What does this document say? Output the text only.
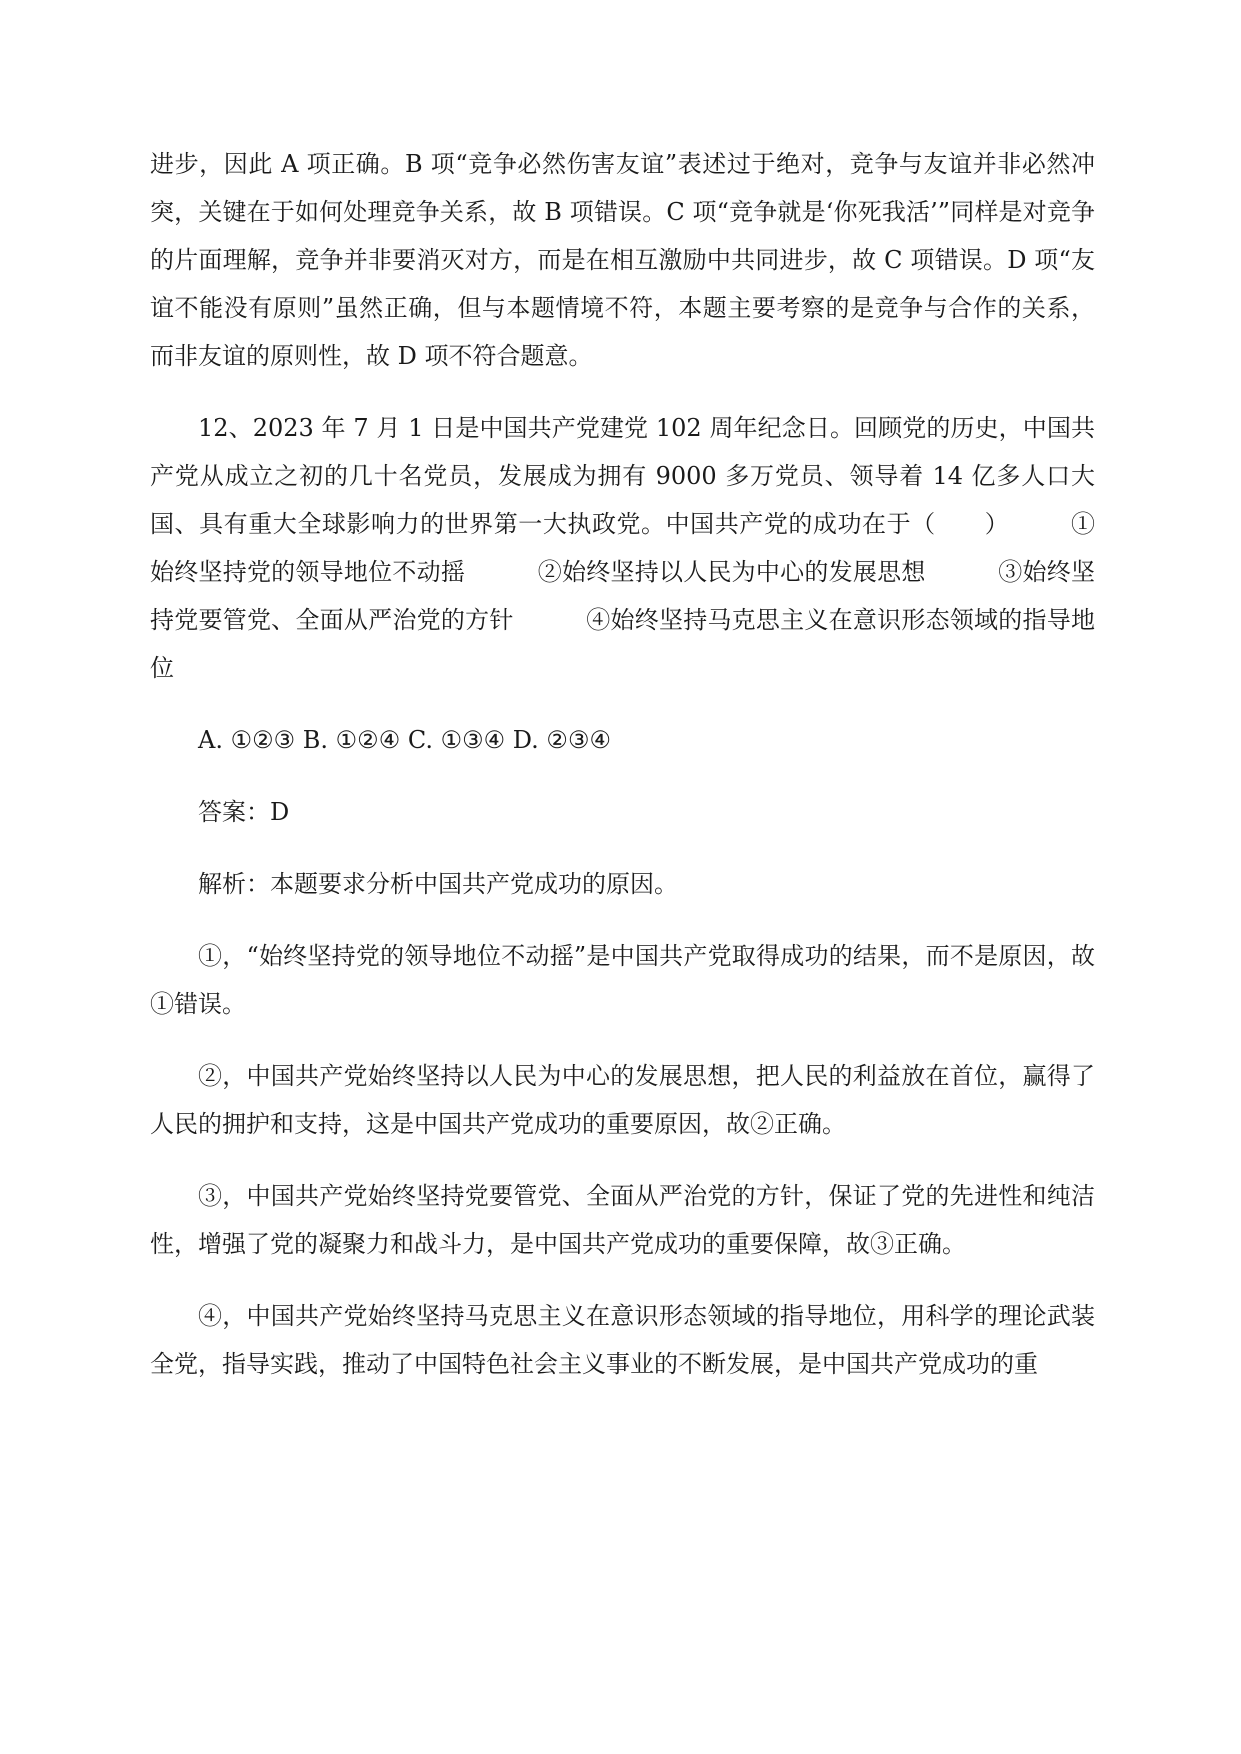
进步，因此 A 项正确。B 项“竞争必然伤害友谊”表述过于绝对，竞争与友谊并非必然冲突，关键在于如何处理竞争关系，故 B 项错误。C 项“竞争就是‘你死我活’”同样是对竞争的片面理解，竞争并非要消灭对方，而是在相互激励中共同进步，故 C 项错误。D 项“友谊不能没有原则”虽然正确，但与本题情境不符，本题主要考察的是竞争与合作的关系，而非友谊的原则性，故 D 项不符合题意。

12、2023 年 7 月 1 日是中国共产党建党 102 周年纪念日。回顾党的历史，中国共产党从成立之初的几十名党员，发展成为拥有 9000 多万党员、领导着 14 亿多人口大国、具有重大全球影响力的世界第一大执政党。中国共产党的成功在于（　　）　　　①始终坚持党的领导地位不动摇　　　②始终坚持以人民为中心的发展思想　　　③始终坚持党要管党、全面从严治党的方针　　　④始终坚持马克思主义在意识形态领域的指导地位

A. ①②③ B. ①②④ C. ①③④ D. ②③④

答案：D

解析：本题要求分析中国共产党成功的原因。

①，“始终坚持党的领导地位不动摇”是中国共产党取得成功的结果，而不是原因，故①错误。

②，中国共产党始终坚持以人民为中心的发展思想，把人民的利益放在首位，赢得了人民的拥护和支持，这是中国共产党成功的重要原因，故②正确。

③，中国共产党始终坚持党要管党、全面从严治党的方针，保证了党的先进性和纯洁性，增强了党的凝聚力和战斗力，是中国共产党成功的重要保障，故③正确。

④，中国共产党始终坚持马克思主义在意识形态领域的指导地位，用科学的理论武装全党，指导实践，推动了中国特色社会主义事业的不断发展，是中国共产党成功的重
